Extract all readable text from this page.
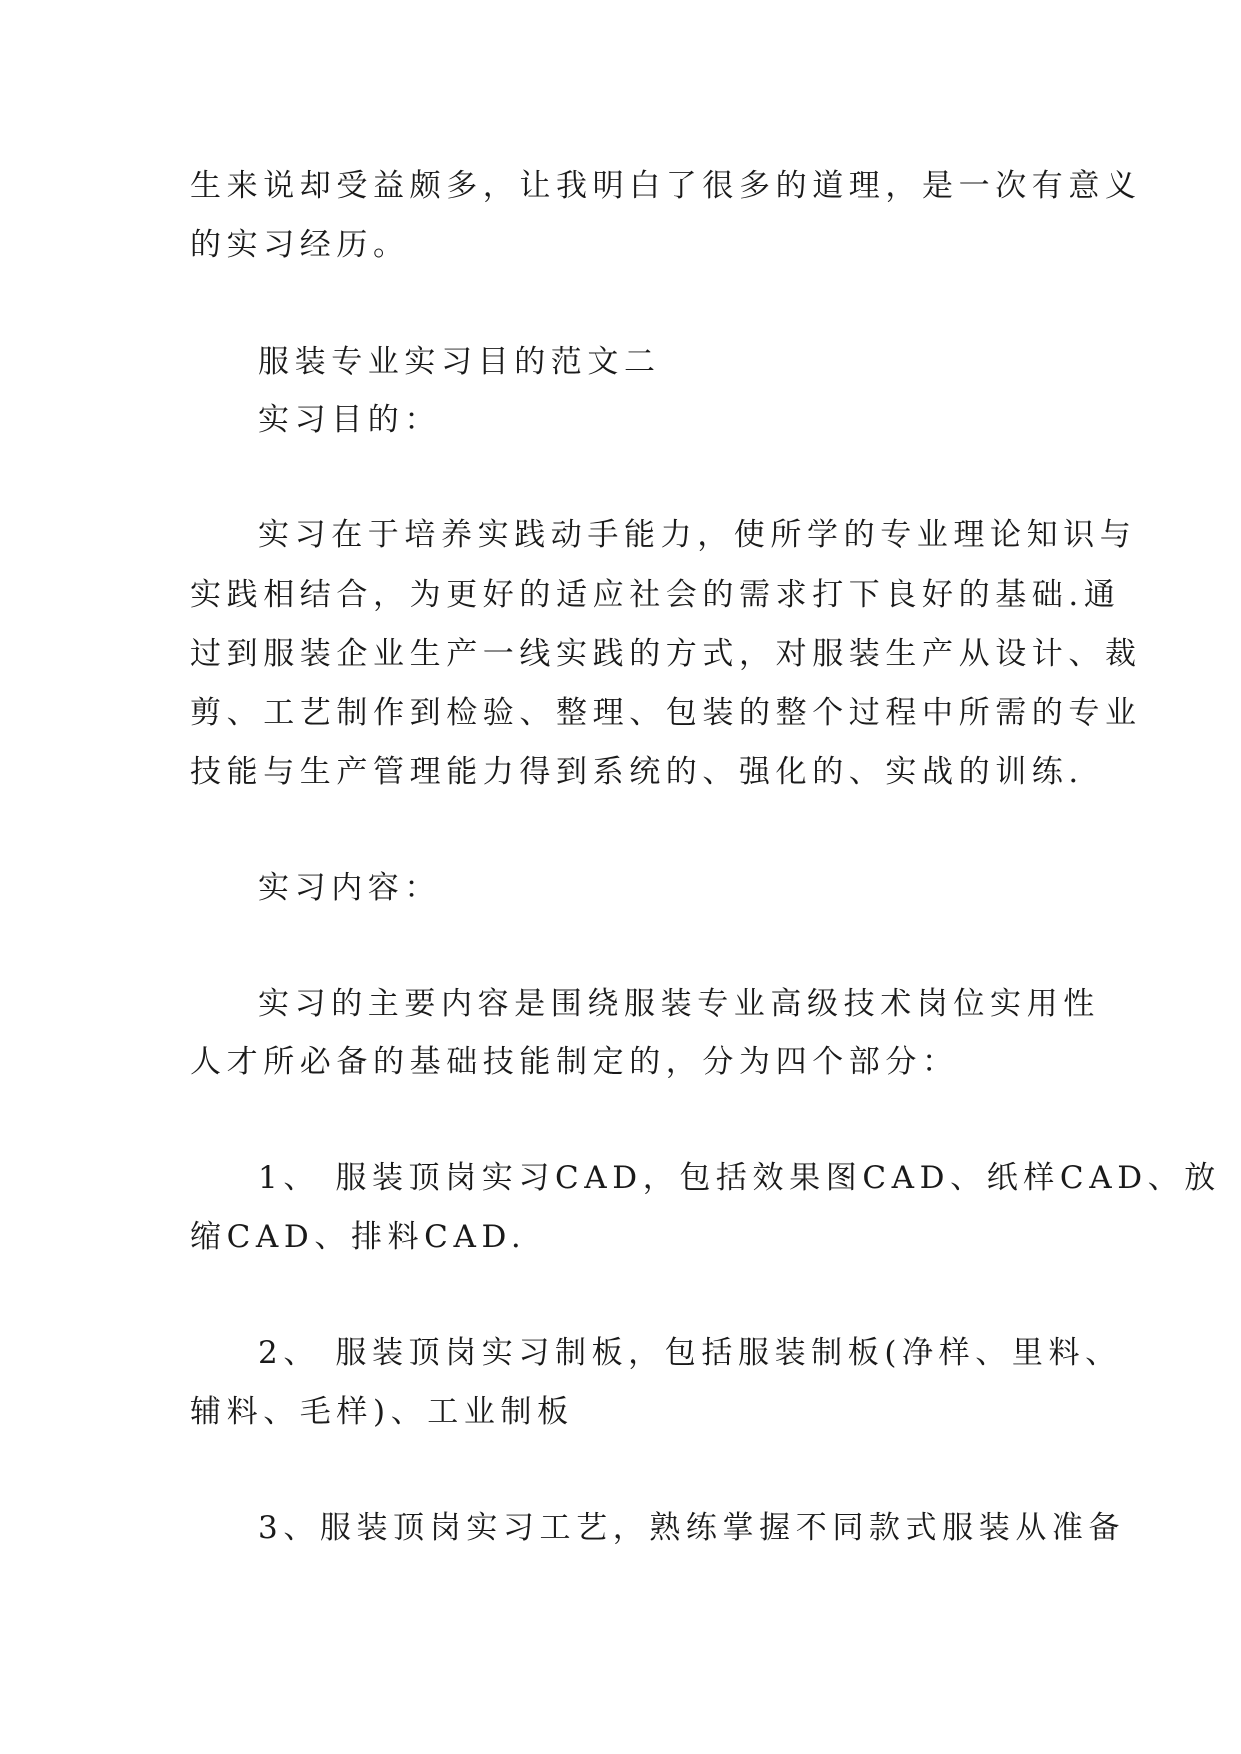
生来说却受益颇多，让我明白了很多的道理，是一次有意义
的实习经历。
服装专业实习目的范文二
实习目的：
实习在于培养实践动手能力，使所学的专业理论知识与
实践相结合，为更好的适应社会的需求打下良好的基础.通
过到服装企业生产一线实践的方式，对服装生产从设计、裁
剪、工艺制作到检验、整理、包装的整个过程中所需的专业
技能与生产管理能力得到系统的、强化的、实战的训练.
实习内容：
实习的主要内容是围绕服装专业高级技术岗位实用性
人才所必备的基础技能制定的，分为四个部分：
1、 服装顶岗实习CAD，包括效果图CAD、纸样CAD、放
缩CAD、排料CAD.
2、 服装顶岗实习制板，包括服装制板(净样、里料、
辅料、毛样)、工业制板
3、服装顶岗实习工艺，熟练掌握不同款式服装从准备
